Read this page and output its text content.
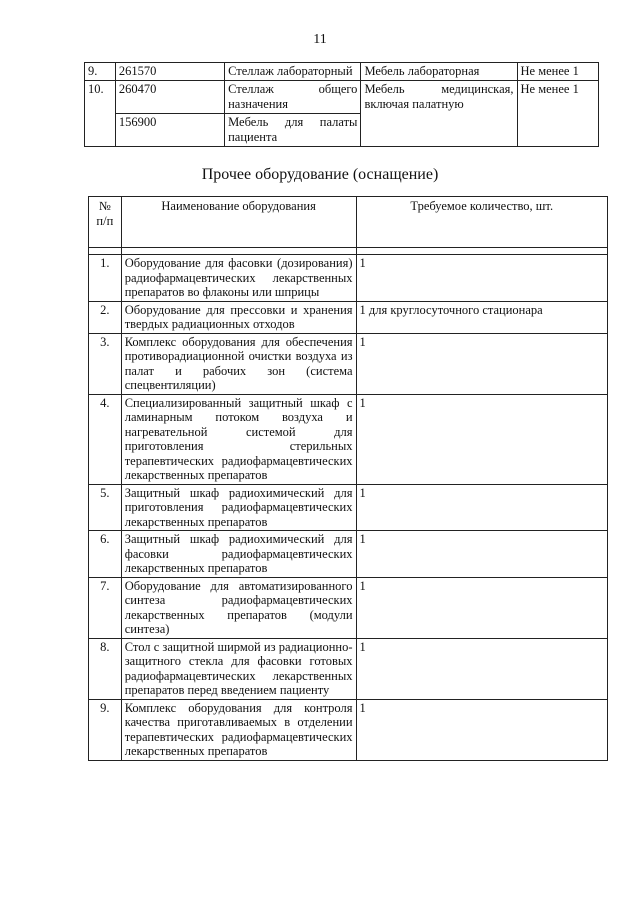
11
9.	261570	Стеллаж лабораторный	Мебель лабораторная	Не менее 1
10.	260470	Стеллаж общего назначения	Мебель медицинская, включая палатную	Не менее 1
	156900	Мебель для палаты пациента		
Прочее оборудование (оснащение)
№ п/п	Наименование оборудования	Требуемое количество, шт.

1.	Оборудование для фасовки (дозирования) радиофармацевтических лекарственных препаратов во флаконы или шприцы	1
2.	Оборудование для прессовки и хранения твердых радиационных отходов	1 для круглосуточного стационара
3.	Комплекс оборудования для обеспечения противорадиационной очистки воздуха из палат и рабочих зон (система спецвентиляции)	1
4.	Специализированный защитный шкаф с ламинарным потоком воздуха и нагревательной системой для приготовления стерильных терапевтических радиофармацевтических лекарственных препаратов	1
5.	Защитный шкаф радиохимический для приготовления радиофармацевтических лекарственных препаратов	1
6.	Защитный шкаф радиохимический для фасовки радиофармацевтических лекарственных препаратов	1
7.	Оборудование для автоматизированного синтеза радиофармацевтических лекарственных препаратов (модули синтеза)	1
8.	Стол с защитной ширмой из радиационно-защитного стекла для фасовки готовых радиофармацевтических лекарственных препаратов перед введением пациенту	1
9.	Комплекс оборудования для контроля качества приготавливаемых в отделении терапевтических радиофармацевтических лекарственных препаратов	1
